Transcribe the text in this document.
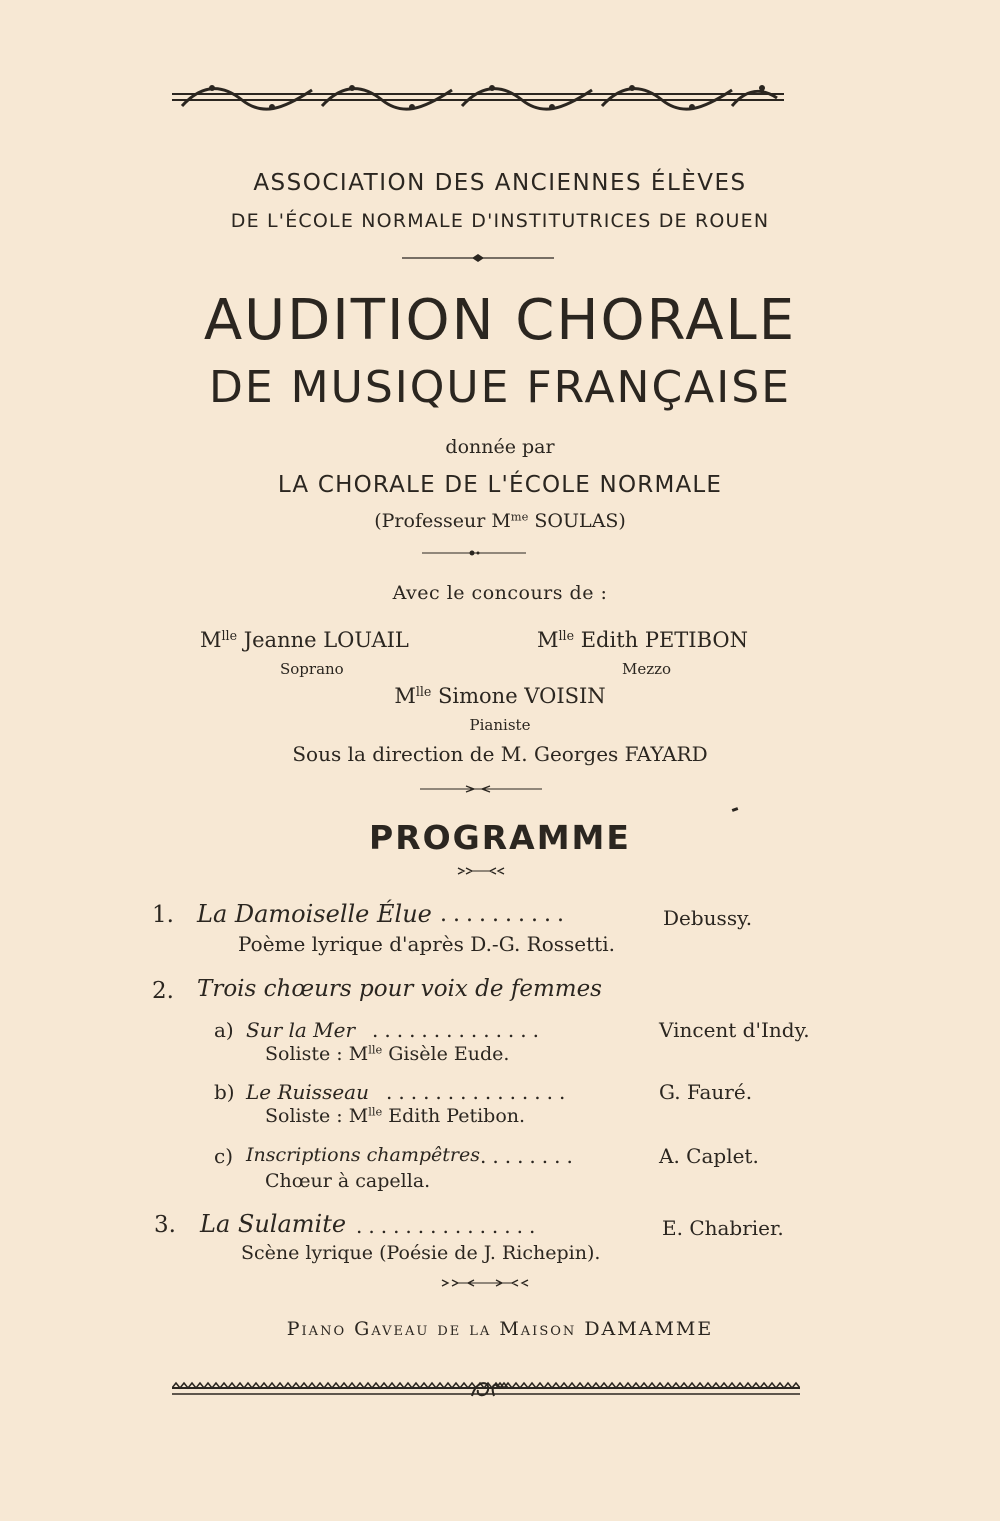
ASSOCIATION DES ANCIENNES ÉLÈVES
DE L'ÉCOLE NORMALE D'INSTITUTRICES DE ROUEN
AUDITION CHORALE
DE MUSIQUE FRANÇAISE
donnée par
LA CHORALE DE L'ÉCOLE NORMALE
(Professeur $M^{me}$ SOULAS)
Avec le concours de :
$M^{lle}$ Jeanne LOUAIL
Soprano
$M^{lle}$ Edith PETIBON
Mezzo
$M^{lle}$ Simone VOISIN
Pianiste
Sous la direction de M. Georges FAYARD
PROGRAMME
1. La Damoiselle Élue ..........	Debussy.
Poème lyrique d'après D.-G. Rossetti.
2. Trois chœurs pour voix de femmes
a) Sur la Mer ..............	Vincent d'Indy.
Soliste : $M^{lle}$ Gisèle Eude.
b) Le Ruisseau ...............	G. Fauré.
Soliste : $M^{lle}$ Edith Petibon.
c) Inscriptions champêtres ........	A. Caplet.
Chœur à capella.
3. La Sulamite ...............	E. Chabrier.
Scène lyrique (Poésie de J. Richepin).
Piano Gaveau de la Maison DAMAMME
